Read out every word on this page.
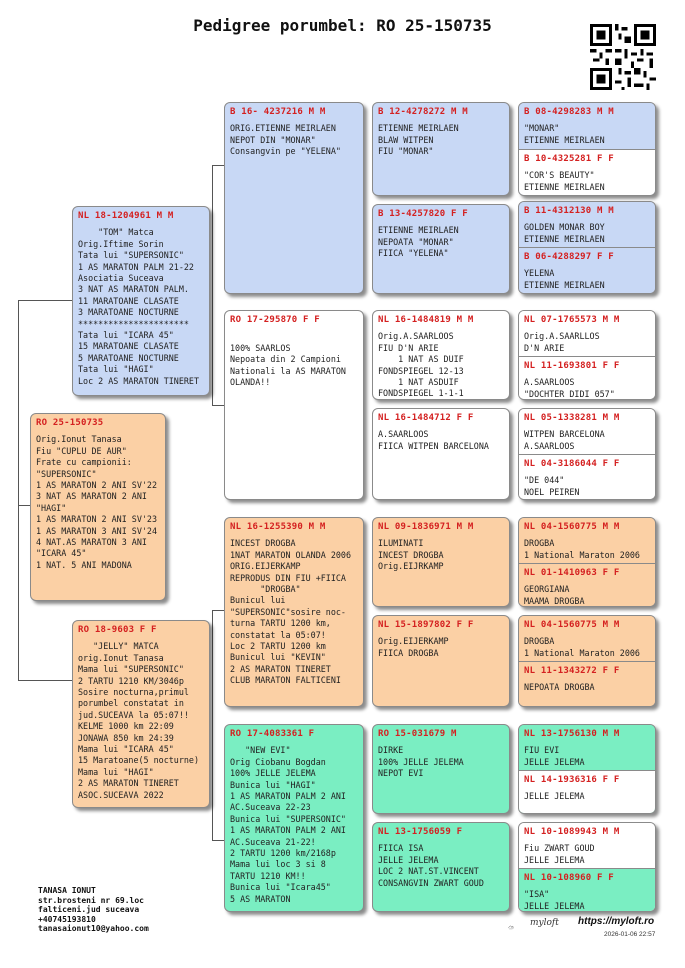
Pedigree porumbel: RO 25-150735
RO 25-150735
Orig.Ionut Tanasa
Fiu "CUPLU DE AUR"
Frate cu campionii:
"SUPERSONIC"
1 AS MARATON 2 ANI SV'22
3 NAT AS MARATON 2 ANI
"HAGI"
1 AS MARATON 2 ANI SV'23
1 AS MARATON 3 ANI SV'24
4 NAT.AS MARATON 3 ANI
"ICARA 45"
1 NAT. 5 ANI MADONA
NL 18-1204961 M M
"TOM" Matca
Orig.Iftime Sorin
Tata lui "SUPERSONIC"
1 AS MARATON PALM 21-22
Asociatia Suceava
3 NAT AS MARATON PALM.
11 MARATOANE CLASATE
3 MARATOANE NOCTURNE
**********************
Tata lui "ICARA 45"
15 MARATOANE CLASATE
5 MARATOANE NOCTURNE
Tata lui "HAGI"
Loc 2 AS MARATON TINERET
RO 18-9603 F F
"JELLY" MATCA
orig.Ionut Tanasa
Mama lui "SUPERSONIC"
2 TARTU 1210 KM/3046p
Sosire nocturna,primul
porumbel constatat in
jud.SUCEAVA la 05:07!!
KELME 1000 km 22:09
JONAWA 850 km 24:39
Mama lui "ICARA 45"
15 Maratoane(5 nocturne)
Mama lui "HAGI"
2 AS MARATON TINERET
ASOC.SUCEAVA 2022
B 16- 4237216 M M
ORIG.ETIENNE MEIRLAEN
NEPOT DIN "MONAR"
Consangvin pe "YELENA"
RO 17-295870 F F

100% SAARLOS
Nepoata din 2 Campioni
Nationali la AS MARATON
OLANDA!!
NL 16-1255390 M M
INCEST DROGBA
1NAT MARATON OLANDA 2006
ORIG.EIJERKAMP
REPRODUS DIN FIU +FIICA
"DROGBA"
Bunicul lui
"SUPERSONIC"sosire noc-
turna TARTU 1200 km,
constatat la 05:07!
Loc 2 TARTU 1200 km
Bunicul lui "KEVIN"
2 AS MARATON TINERET
CLUB MARATON FALTICENI
RO 17-4083361 F
"NEW EVI"
Orig Ciobanu Bogdan
100% JELLE JELEMA
Bunica lui "HAGI"
1 AS MARATON PALM 2 ANI
AC.Suceava 22-23
Bunica lui "SUPERSONIC"
1 AS MARATON PALM 2 ANI
AC.Suceava 21-22!
2 TARTU 1200 km/2168p
Mama lui loc 3 si 8
TARTU 1210 KM!!
Bunica lui "Icara45"
5 AS MARATON
B 12-4278272 M M
ETIENNE MEIRLAEN
BLAW WITPEN
FIU "MONAR"
B 13-4257820 F F
ETIENNE MEIRLAEN
NEPOATA "MONAR"
FIICA "YELENA"
NL 16-1484819 M M
Orig.A.SAARLOOS
FIU D'N ARIE
1 NAT AS DUIF
FONDSPIEGEL 12-13
1 NAT ASDUIF
FONDSPIEGEL 1-1-1
NL 16-1484712 F F
A.SAARLOOS
FIICA WITPEN BARCELONA
NL 09-1836971 M M
ILUMINATI
INCEST DROGBA
Orig.EIJRKAMP
NL 15-1897802 F F
Orig.EIJERKAMP
FIICA DROGBA
RO 15-031679 M
DIRKE
100% JELLE JELEMA
NEPOT EVI
NL 13-1756059 F
FIICA ISA
JELLE JELEMA
LOC 2 NAT.ST.VINCENT
CONSANGVIN ZWART GOUD
B 08-4298283 M M
"MONAR"
ETIENNE MEIRLAEN
B 10-4325281 F F
"COR'S BEAUTY"
ETIENNE MEIRLAEN
B 11-4312130 M M
GOLDEN MONAR BOY
ETIENNE MEIRLAEN
B 06-4288297 F F
YELENA
ETIENNE MEIRLAEN
NL 07-1765573 M M
Orig.A.SAARLLOS
D'N ARIE
NL 11-1693801 F F
A.SAARLOOS
"DOCHTER DIDI 057"
NL 05-1338281 M M
WITPEN BARCELONA
A.SAARLOOS
NL 04-3186044 F F
"DE 044"
NOEL PEIREN
NL 04-1560775 M M
DROGBA
1 National Maraton 2006
NL 01-1410963 F F
GEORGIANA
MAAMA DROGBA
NL 04-1560775 M M
DROGBA
1 National Maraton 2006
NL 11-1343272 F F
NEPOATA DROGBA
NL 13-1756130 M M
FIU EVI
JELLE JELEMA
NL 14-1936316 F F
JELLE JELEMA
NL 10-1089943 M M
Fiu ZWART GOUD
JELLE JELEMA
NL 10-108960 F F
"ISA"
JELLE JELEMA
TANASA IONUT
str.brosteni nr 69.loc
falticeni.jud suceava
+40745193810
tanasaionut10@yahoo.com
myloft https://myloft.ro
2026-01-06 22:57
